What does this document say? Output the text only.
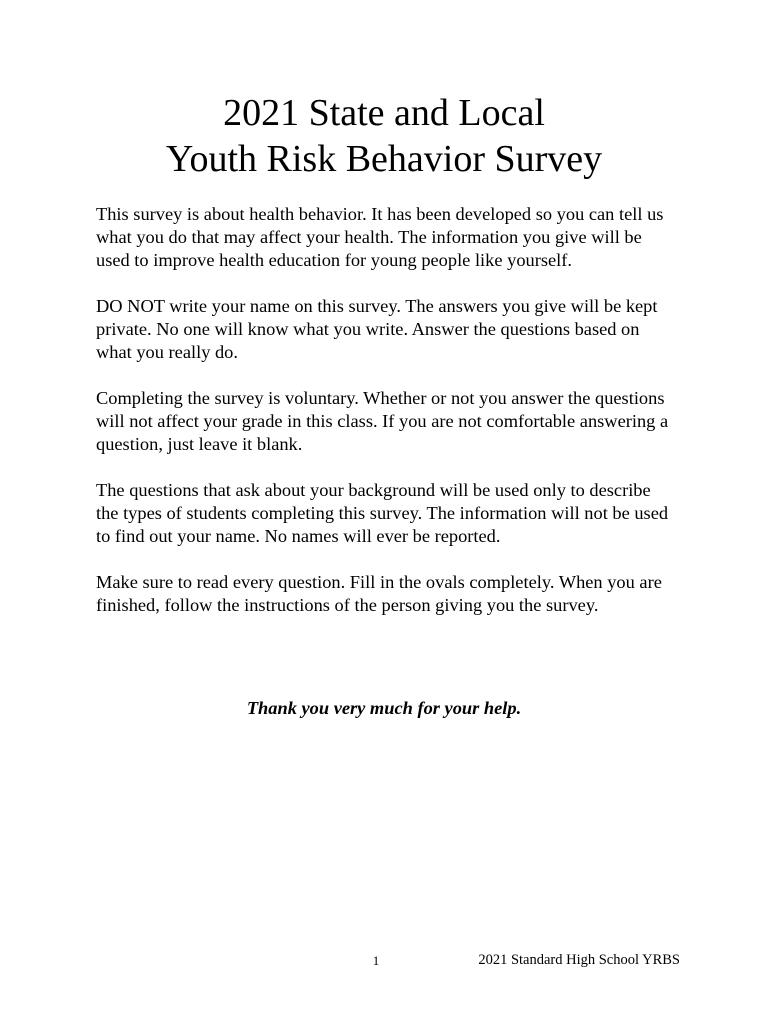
2021 State and Local
Youth Risk Behavior Survey

This survey is about health behavior. It has been developed so you can tell us what you do that may affect your health. The information you give will be used to improve health education for young people like yourself.

DO NOT write your name on this survey. The answers you give will be kept private. No one will know what you write. Answer the questions based on what you really do.

Completing the survey is voluntary. Whether or not you answer the questions will not affect your grade in this class. If you are not comfortable answering a question, just leave it blank.

The questions that ask about your background will be used only to describe the types of students completing this survey. The information will not be used to find out your name. No names will ever be reported.

Make sure to read every question. Fill in the ovals completely. When you are finished, follow the instructions of the person giving you the survey.

Thank you very much for your help.
1	2021 Standard High School YRBS
